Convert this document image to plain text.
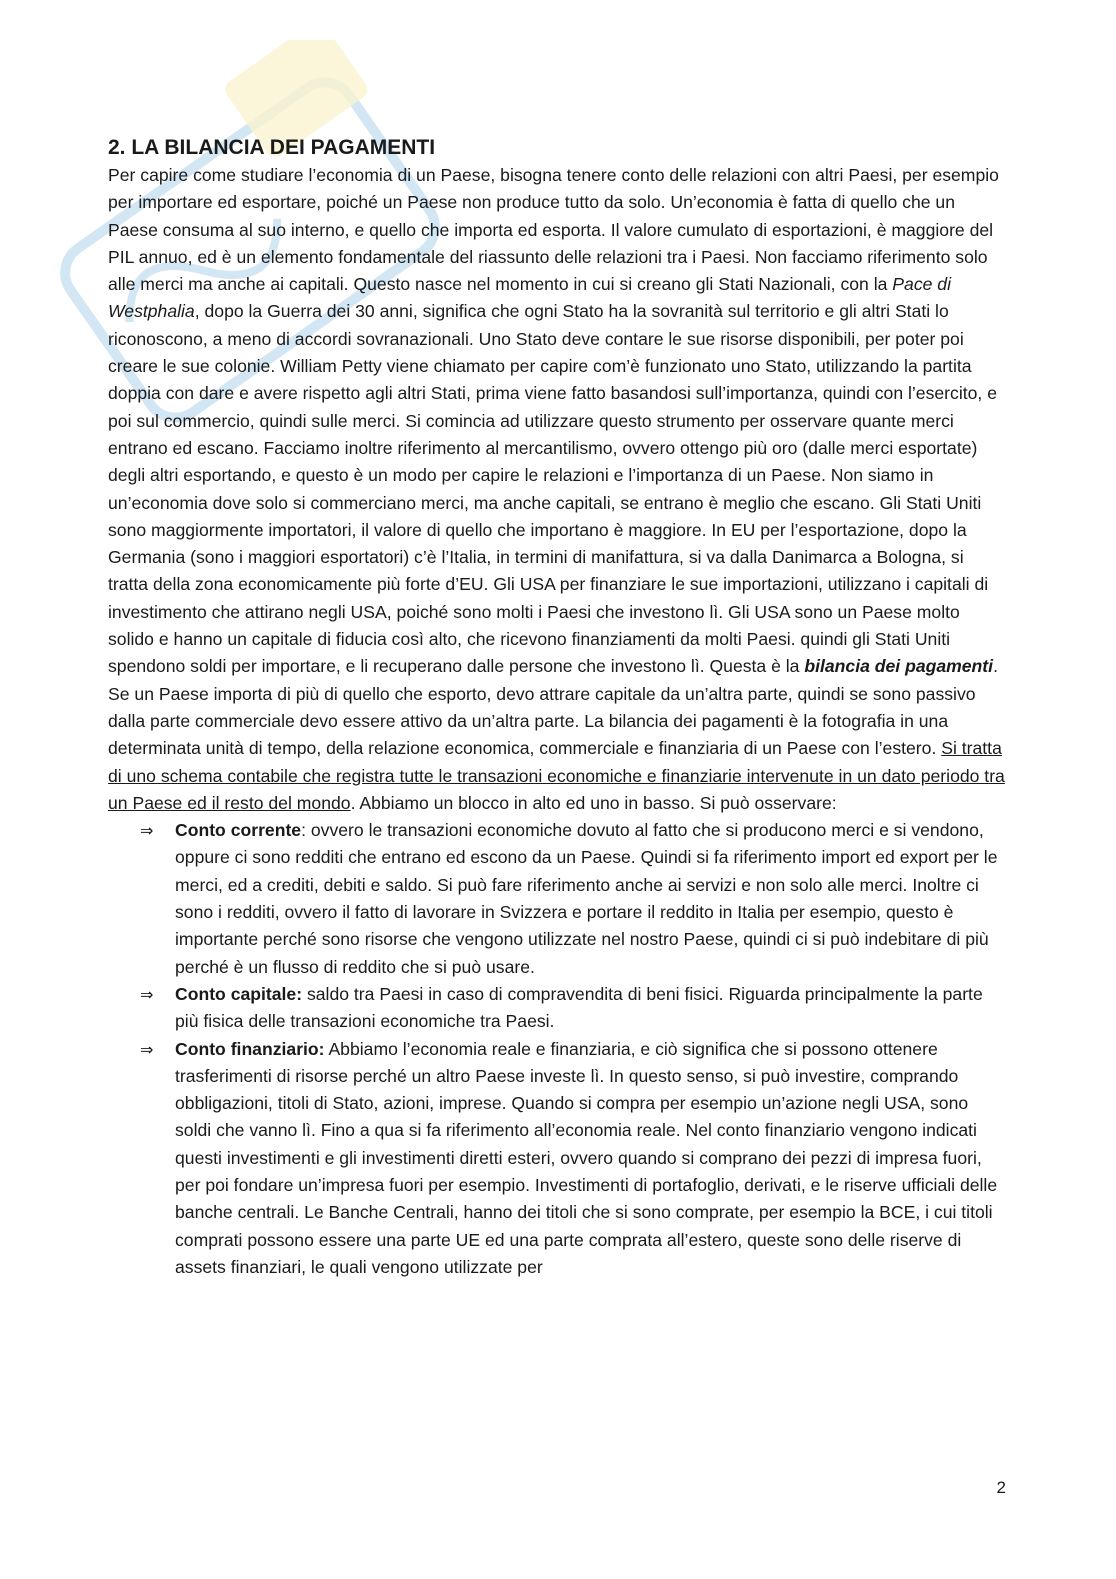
2. LA BILANCIA DEI PAGAMENTI

Per capire come studiare l’economia di un Paese, bisogna tenere conto delle relazioni con altri Paesi, per esempio per importare ed esportare, poiché un Paese non produce tutto da solo. Un’economia è fatta di quello che un Paese consuma al suo interno, e quello che importa ed esporta. Il valore cumulato di esportazioni, è maggiore del PIL annuo, ed è un elemento fondamentale del riassunto delle relazioni tra i Paesi. Non facciamo riferimento solo alle merci ma anche ai capitali. Questo nasce nel momento in cui si creano gli Stati Nazionali, con la Pace di Westphalia, dopo la Guerra dei 30 anni, significa che ogni Stato ha la sovranità sul territorio e gli altri Stati lo riconoscono, a meno di accordi sovranazionali. Uno Stato deve contare le sue risorse disponibili, per poter poi creare le sue colonie. William Petty viene chiamato per capire com’è funzionato uno Stato, utilizzando la partita doppia con dare e avere rispetto agli altri Stati, prima viene fatto basandosi sull’importanza, quindi con l’esercito, e poi sul commercio, quindi sulle merci. Si comincia ad utilizzare questo strumento per osservare quante merci entrano ed escano. Facciamo inoltre riferimento al mercantilismo, ovvero ottengo più oro (dalle merci esportate) degli altri esportando, e questo è un modo per capire le relazioni e l’importanza di un Paese. Non siamo in un’economia dove solo si commerciano merci, ma anche capitali, se entrano è meglio che escano. Gli Stati Uniti sono maggiormente importatori, il valore di quello che importano è maggiore. In EU per l’esportazione, dopo la Germania (sono i maggiori esportatori) c’è l’Italia, in termini di manifattura, si va dalla Danimarca a Bologna, si tratta della zona economicamente più forte d’EU. Gli USA per finanziare le sue importazioni, utilizzano i capitali di investimento che attirano negli USA, poiché sono molti i Paesi che investono lì. Gli USA sono un Paese molto solido e hanno un capitale di fiducia così alto, che ricevono finanziamenti da molti Paesi. quindi gli Stati Uniti spendono soldi per importare, e li recuperano dalle persone che investono lì. Questa è la bilancia dei pagamenti. Se un Paese importa di più di quello che esporto, devo attrare capitale da un’altra parte, quindi se sono passivo dalla parte commerciale devo essere attivo da un’altra parte. La bilancia dei pagamenti è la fotografia in una determinata unità di tempo, della relazione economica, commerciale e finanziaria di un Paese con l’estero. Si tratta di uno schema contabile che registra tutte le transazioni economiche e finanziarie intervenute in un dato periodo tra un Paese ed il resto del mondo. Abbiamo un blocco in alto ed uno in basso. Si può osservare:

⇒ Conto corrente: ovvero le transazioni economiche dovuto al fatto che si producono merci e si vendono, oppure ci sono redditi che entrano ed escono da un Paese. Quindi si fa riferimento import ed export per le merci, ed a crediti, debiti e saldo. Si può fare riferimento anche ai servizi e non solo alle merci. Inoltre ci sono i redditi, ovvero il fatto di lavorare in Svizzera e portare il reddito in Italia per esempio, questo è importante perché sono risorse che vengono utilizzate nel nostro Paese, quindi ci si può indebitare di più perché è un flusso di reddito che si può usare.
⇒ Conto capitale: saldo tra Paesi in caso di compravendita di beni fisici. Riguarda principalmente la parte più fisica delle transazioni economiche tra Paesi.
⇒ Conto finanziario: Abbiamo l’economia reale e finanziaria, e ciò significa che si possono ottenere trasferimenti di risorse perché un altro Paese investe lì. In questo senso, si può investire, comprando obbligazioni, titoli di Stato, azioni, imprese. Quando si compra per esempio un’azione negli USA, sono soldi che vanno lì. Fino a qua si fa riferimento all’economia reale. Nel conto finanziario vengono indicati questi investimenti e gli investimenti diretti esteri, ovvero quando si comprano dei pezzi di impresa fuori, per poi fondare un’impresa fuori per esempio. Investimenti di portafoglio, derivati, e le riserve ufficiali delle banche centrali. Le Banche Centrali, hanno dei titoli che si sono comprate, per esempio la BCE, i cui titoli comprati possono essere una parte UE ed una parte comprata all’estero, queste sono delle riserve di assets finanziari, le quali vengono utilizzate per
2
